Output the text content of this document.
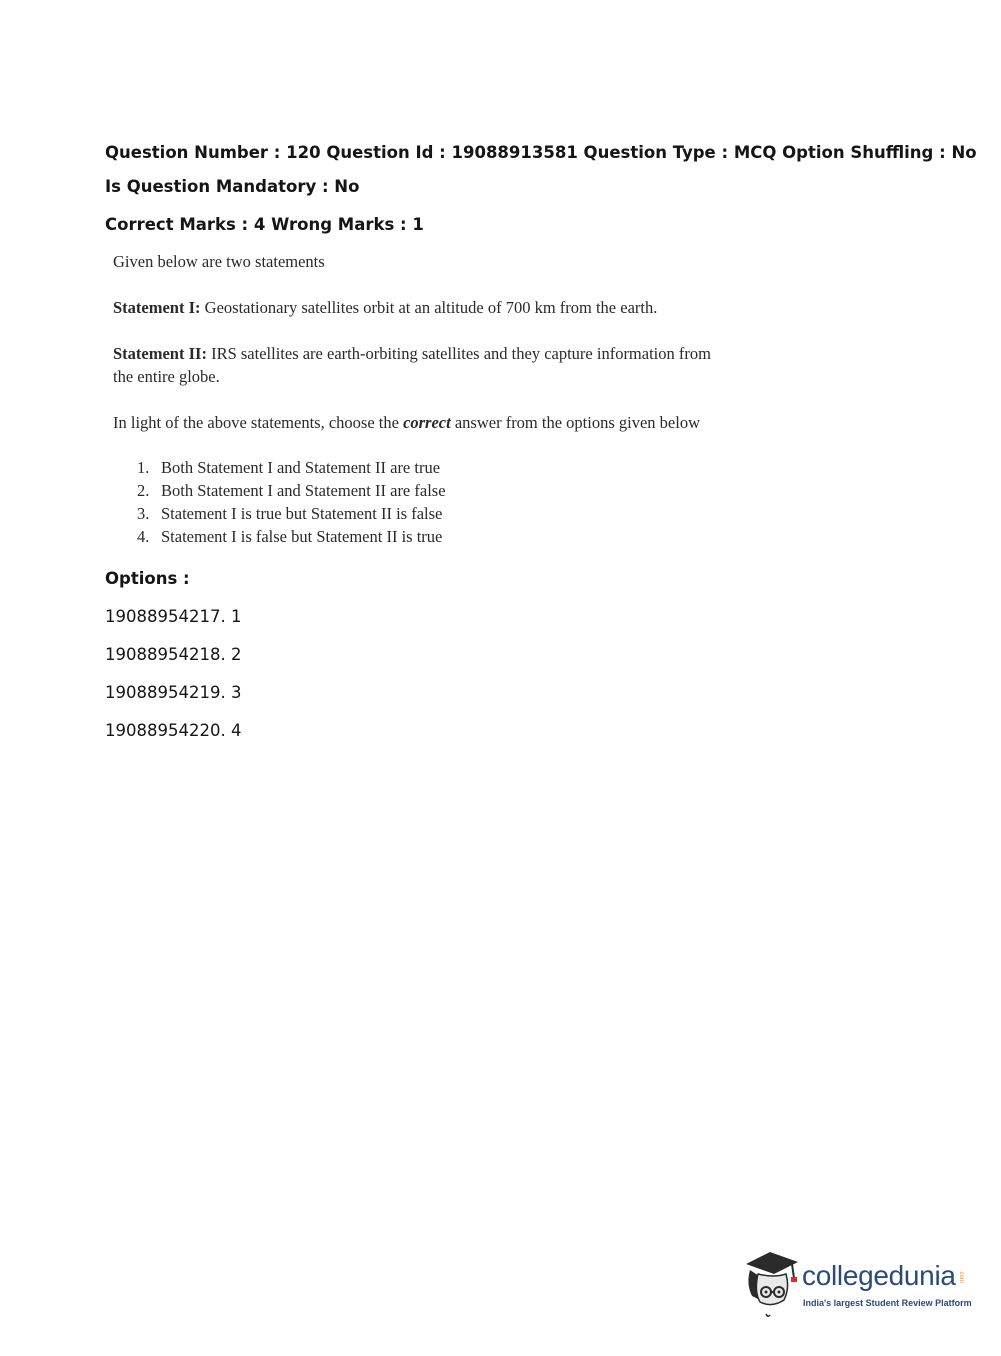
Question Number : 120 Question Id : 19088913581 Question Type : MCQ Option Shuffling : No
Is Question Mandatory : No
Correct Marks : 4 Wrong Marks : 1

Given below are two statements

Statement I: Geostationary satellites orbit at an altitude of 700 km from the earth.

Statement II: IRS satellites are earth-orbiting satellites and they capture information from the entire globe.

In light of the above statements, choose the correct answer from the options given below

1. Both Statement I and Statement II are true
2. Both Statement I and Statement II are false
3. Statement I is true but Statement II is false
4. Statement I is false but Statement II is true
Options :
19088954217. 1
19088954218. 2
19088954219. 3
19088954220. 4
collegedunia .com
India's largest Student Review Platform
